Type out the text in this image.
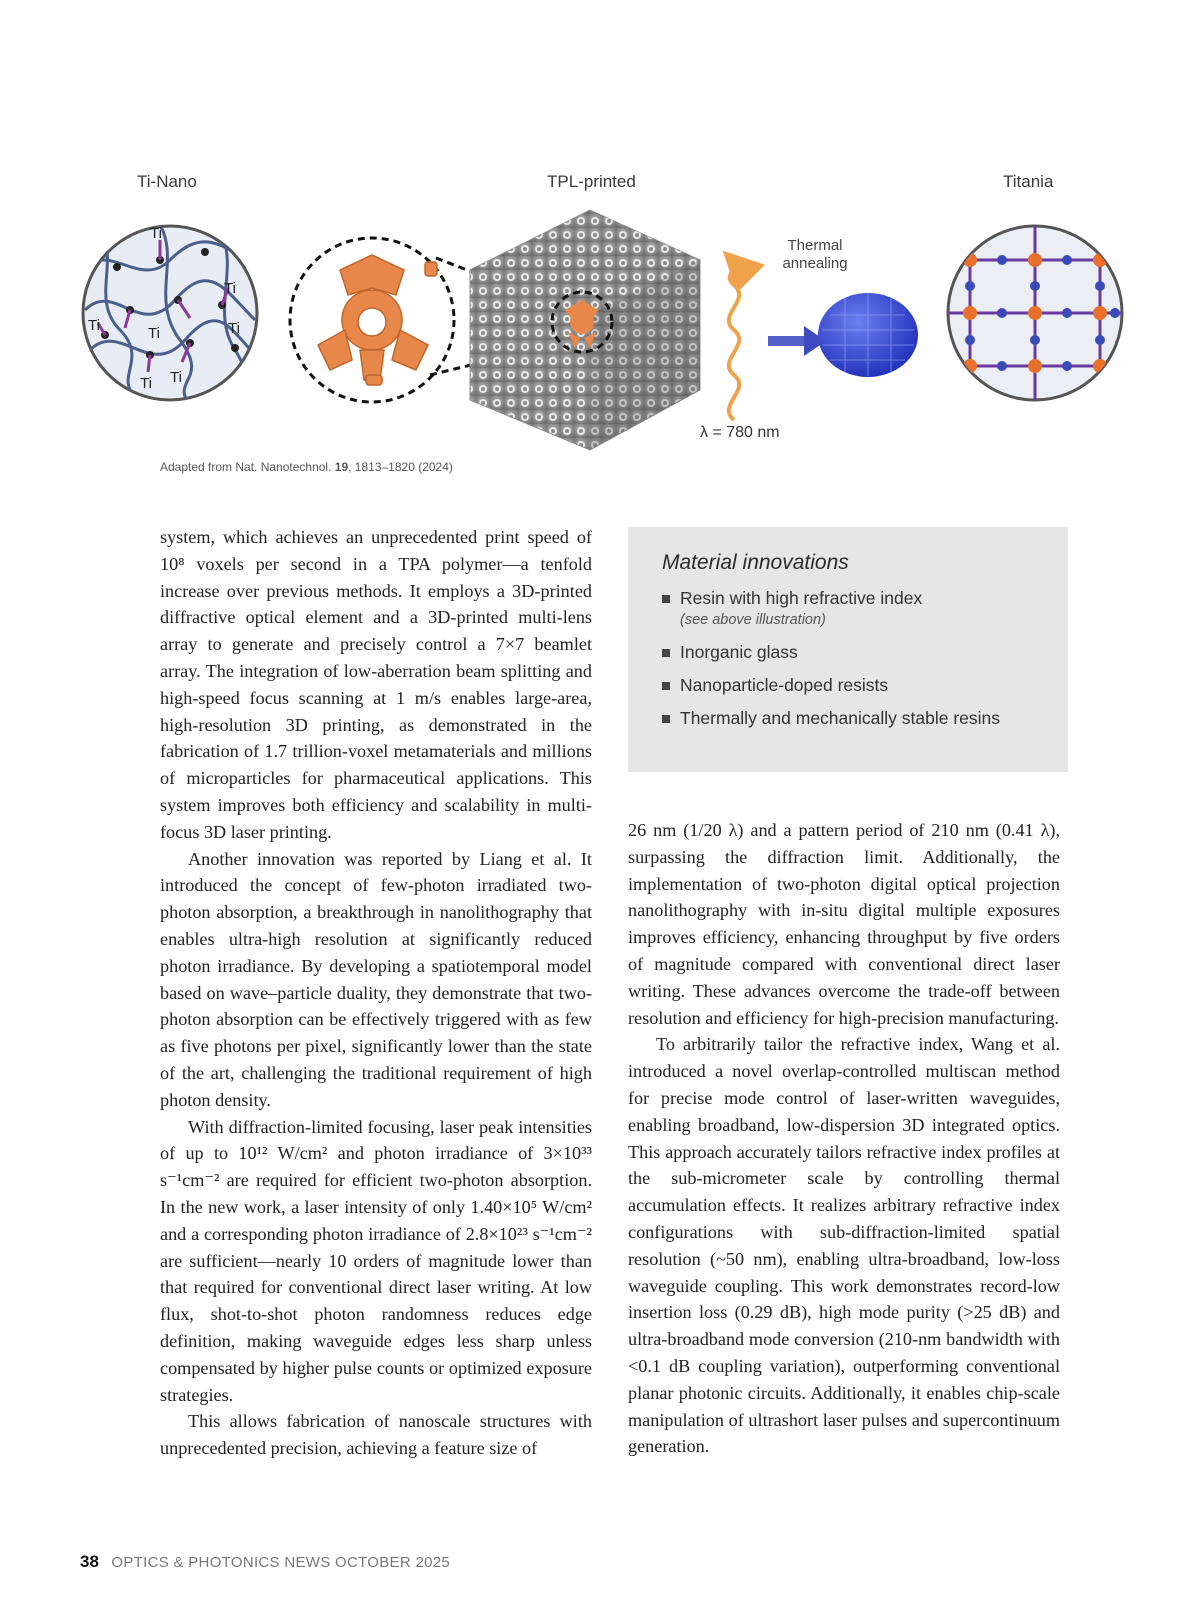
Ti-Nano	TPL-printed	Titania
Ti
Ti
Ti
Ti	Ti
Ti Ti
Thermal
annealing
λ = 780 nm
Adapted from Nat. Nanotechnol. 19, 1813–1820 (2024)

system, which achieves an unprecedented print speed of 10⁸ voxels per second in a TPA polymer—a tenfold increase over previous methods. It employs a 3D-printed diffractive optical element and a 3D-printed multi-lens array to generate and precisely control a 7×7 beamlet array. The integration of low-aberration beam splitting and high-speed focus scanning at 1 m/s enables large-area, high-resolution 3D printing, as demonstrated in the fabrication of 1.7 trillion-voxel metamaterials and millions of microparticles for pharmaceutical applications. This system improves both efficiency and scalability in multi-focus 3D laser printing.

Another innovation was reported by Liang et al. It introduced the concept of few-photon irradiated two-photon absorption, a breakthrough in nanolithography that enables ultra-high resolution at significantly reduced photon irradiance. By developing a spatiotemporal model based on wave–particle duality, they demonstrate that two-photon absorption can be effectively triggered with as few as five photons per pixel, significantly lower than the state of the art, challenging the traditional requirement of high photon density.

With diffraction-limited focusing, laser peak intensities of up to 10¹² W/cm² and photon irradiance of 3×10³³ s⁻¹cm⁻² are required for efficient two-photon absorption. In the new work, a laser intensity of only 1.40×10⁵ W/cm² and a corresponding photon irradiance of 2.8×10²³ s⁻¹cm⁻² are sufficient—nearly 10 orders of magnitude lower than that required for conventional direct laser writing. At low flux, shot-to-shot photon randomness reduces edge definition, making waveguide edges less sharp unless compensated by higher pulse counts or optimized exposure strategies.

This allows fabrication of nanoscale structures with unprecedented precision, achieving a feature size of

Material innovations
Resin with high refractive index
(see above illustration)
Inorganic glass
Nanoparticle-doped resists
Thermally and mechanically stable resins

26 nm (1/20 λ) and a pattern period of 210 nm (0.41 λ), surpassing the diffraction limit. Additionally, the implementation of two-photon digital optical projection nanolithography with in-situ digital multiple exposures improves efficiency, enhancing throughput by five orders of magnitude compared with conventional direct laser writing. These advances overcome the trade-off between resolution and efficiency for high-precision manufacturing.

To arbitrarily tailor the refractive index, Wang et al. introduced a novel overlap-controlled multiscan method for precise mode control of laser-written waveguides, enabling broadband, low-dispersion 3D integrated optics. This approach accurately tailors refractive index profiles at the sub-micrometer scale by controlling thermal accumulation effects. It realizes arbitrary refractive index configurations with sub-diffraction-limited spatial resolution (~50 nm), enabling ultra-broadband, low-loss waveguide coupling. This work demonstrates record-low insertion loss (0.29 dB), high mode purity (>25 dB) and ultra-broadband mode conversion (210-nm bandwidth with <0.1 dB coupling variation), outperforming conventional planar photonic circuits. Additionally, it enables chip-scale manipulation of ultrashort laser pulses and supercontinuum generation.

38 OPTICS & PHOTONICS NEWS OCTOBER 2025
